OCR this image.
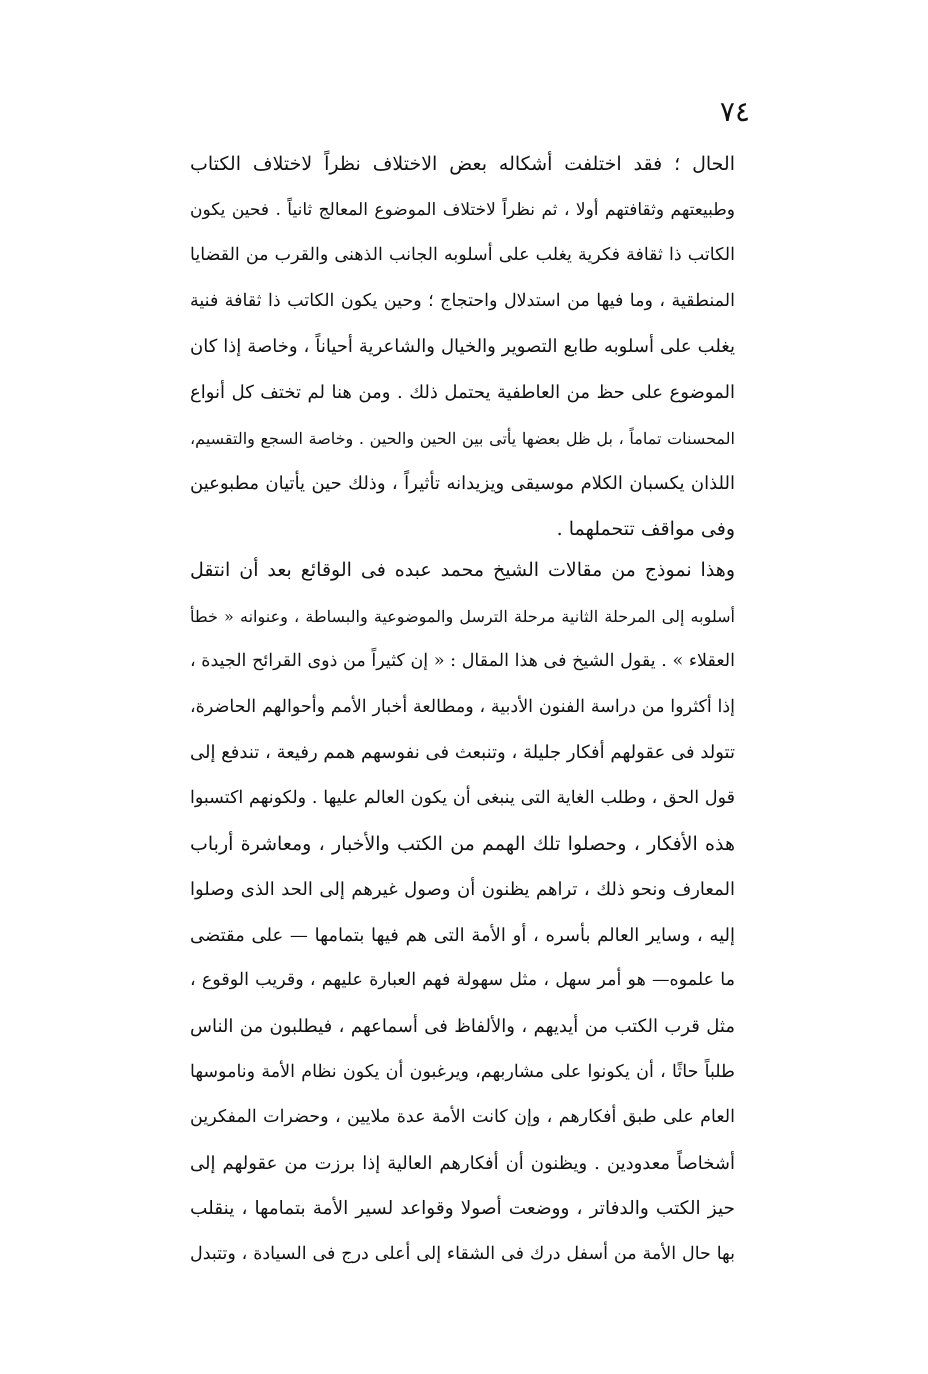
٧٤
الحال ؛ فقد اختلفت أشكاله بعض الاختلاف نظراً لاختلاف الكتاب
وطبيعتهم وثقافتهم أولا ، ثم نظراً لاختلاف الموضوع المعالج ثانياً . فحين يكون
الكاتب ذا ثقافة فكرية يغلب على أسلوبه الجانب الذهنى والقرب من القضايا
المنطقية ، وما فيها من استدلال واحتجاج ؛ وحين يكون الكاتب ذا ثقافة فنية
يغلب على أسلوبه طابع التصوير والخيال والشاعرية أحياناً ، وخاصة إذا كان
الموضوع على حظ من العاطفية يحتمل ذلك . ومن هنا لم تختف كل أنواع
المحسنات تماماً ، بل ظل بعضها يأتى بين الحين والحين . وخاصة السجع والتقسيم،
اللذان يكسبان الكلام موسيقى ويزيدانه تأثيراً ، وذلك حين يأتيان مطبوعين
وفى مواقف تتحملهما .
وهذا نموذج من مقالات الشيخ محمد عبده فى الوقائع بعد أن انتقل
أسلوبه إلى المرحلة الثانية مرحلة الترسل والموضوعية والبساطة ، وعنوانه « خطأ
العقلاء » . يقول الشيخ فى هذا المقال : « إن كثيراً من ذوى القرائح الجيدة ،
إذا أكثروا من دراسة الفنون الأدبية ، ومطالعة أخبار الأمم وأحوالهم الحاضرة،
تتولد فى عقولهم أفكار جليلة ، وتنبعث فى نفوسهم همم رفيعة ، تندفع إلى
قول الحق ، وطلب الغاية التى ينبغى أن يكون العالم عليها . ولكونهم اكتسبوا
هذه الأفكار ، وحصلوا تلك الهمم من الكتب والأخبار ، ومعاشرة أرباب
المعارف ونحو ذلك ، تراهم يظنون أن وصول غيرهم إلى الحد الذى وصلوا
إليه ، وساير العالم بأسره ، أو الأمة التى هم فيها بتمامها — على مقتضى
ما علموه— هو أمر سهل ، مثل سهولة فهم العبارة عليهم ، وقريب الوقوع ،
مثل قرب الكتب من أيديهم ، والألفاظ فى أسماعهم ، فيطلبون من الناس
طلباً حاثًا ، أن يكونوا على مشاربهم، ويرغبون أن يكون نظام الأمة وناموسها
العام على طبق أفكارهم ، وإن كانت الأمة عدة ملايين ، وحضرات المفكرين
أشخاصاً معدودين . ويظنون أن أفكارهم العالية إذا برزت من عقولهم إلى
حيز الكتب والدفاتر ، ووضعت أصولا وقواعد لسير الأمة بتمامها ، ينقلب
بها حال الأمة من أسفل درك فى الشقاء إلى أعلى درج فى السيادة ، وتتبدل
